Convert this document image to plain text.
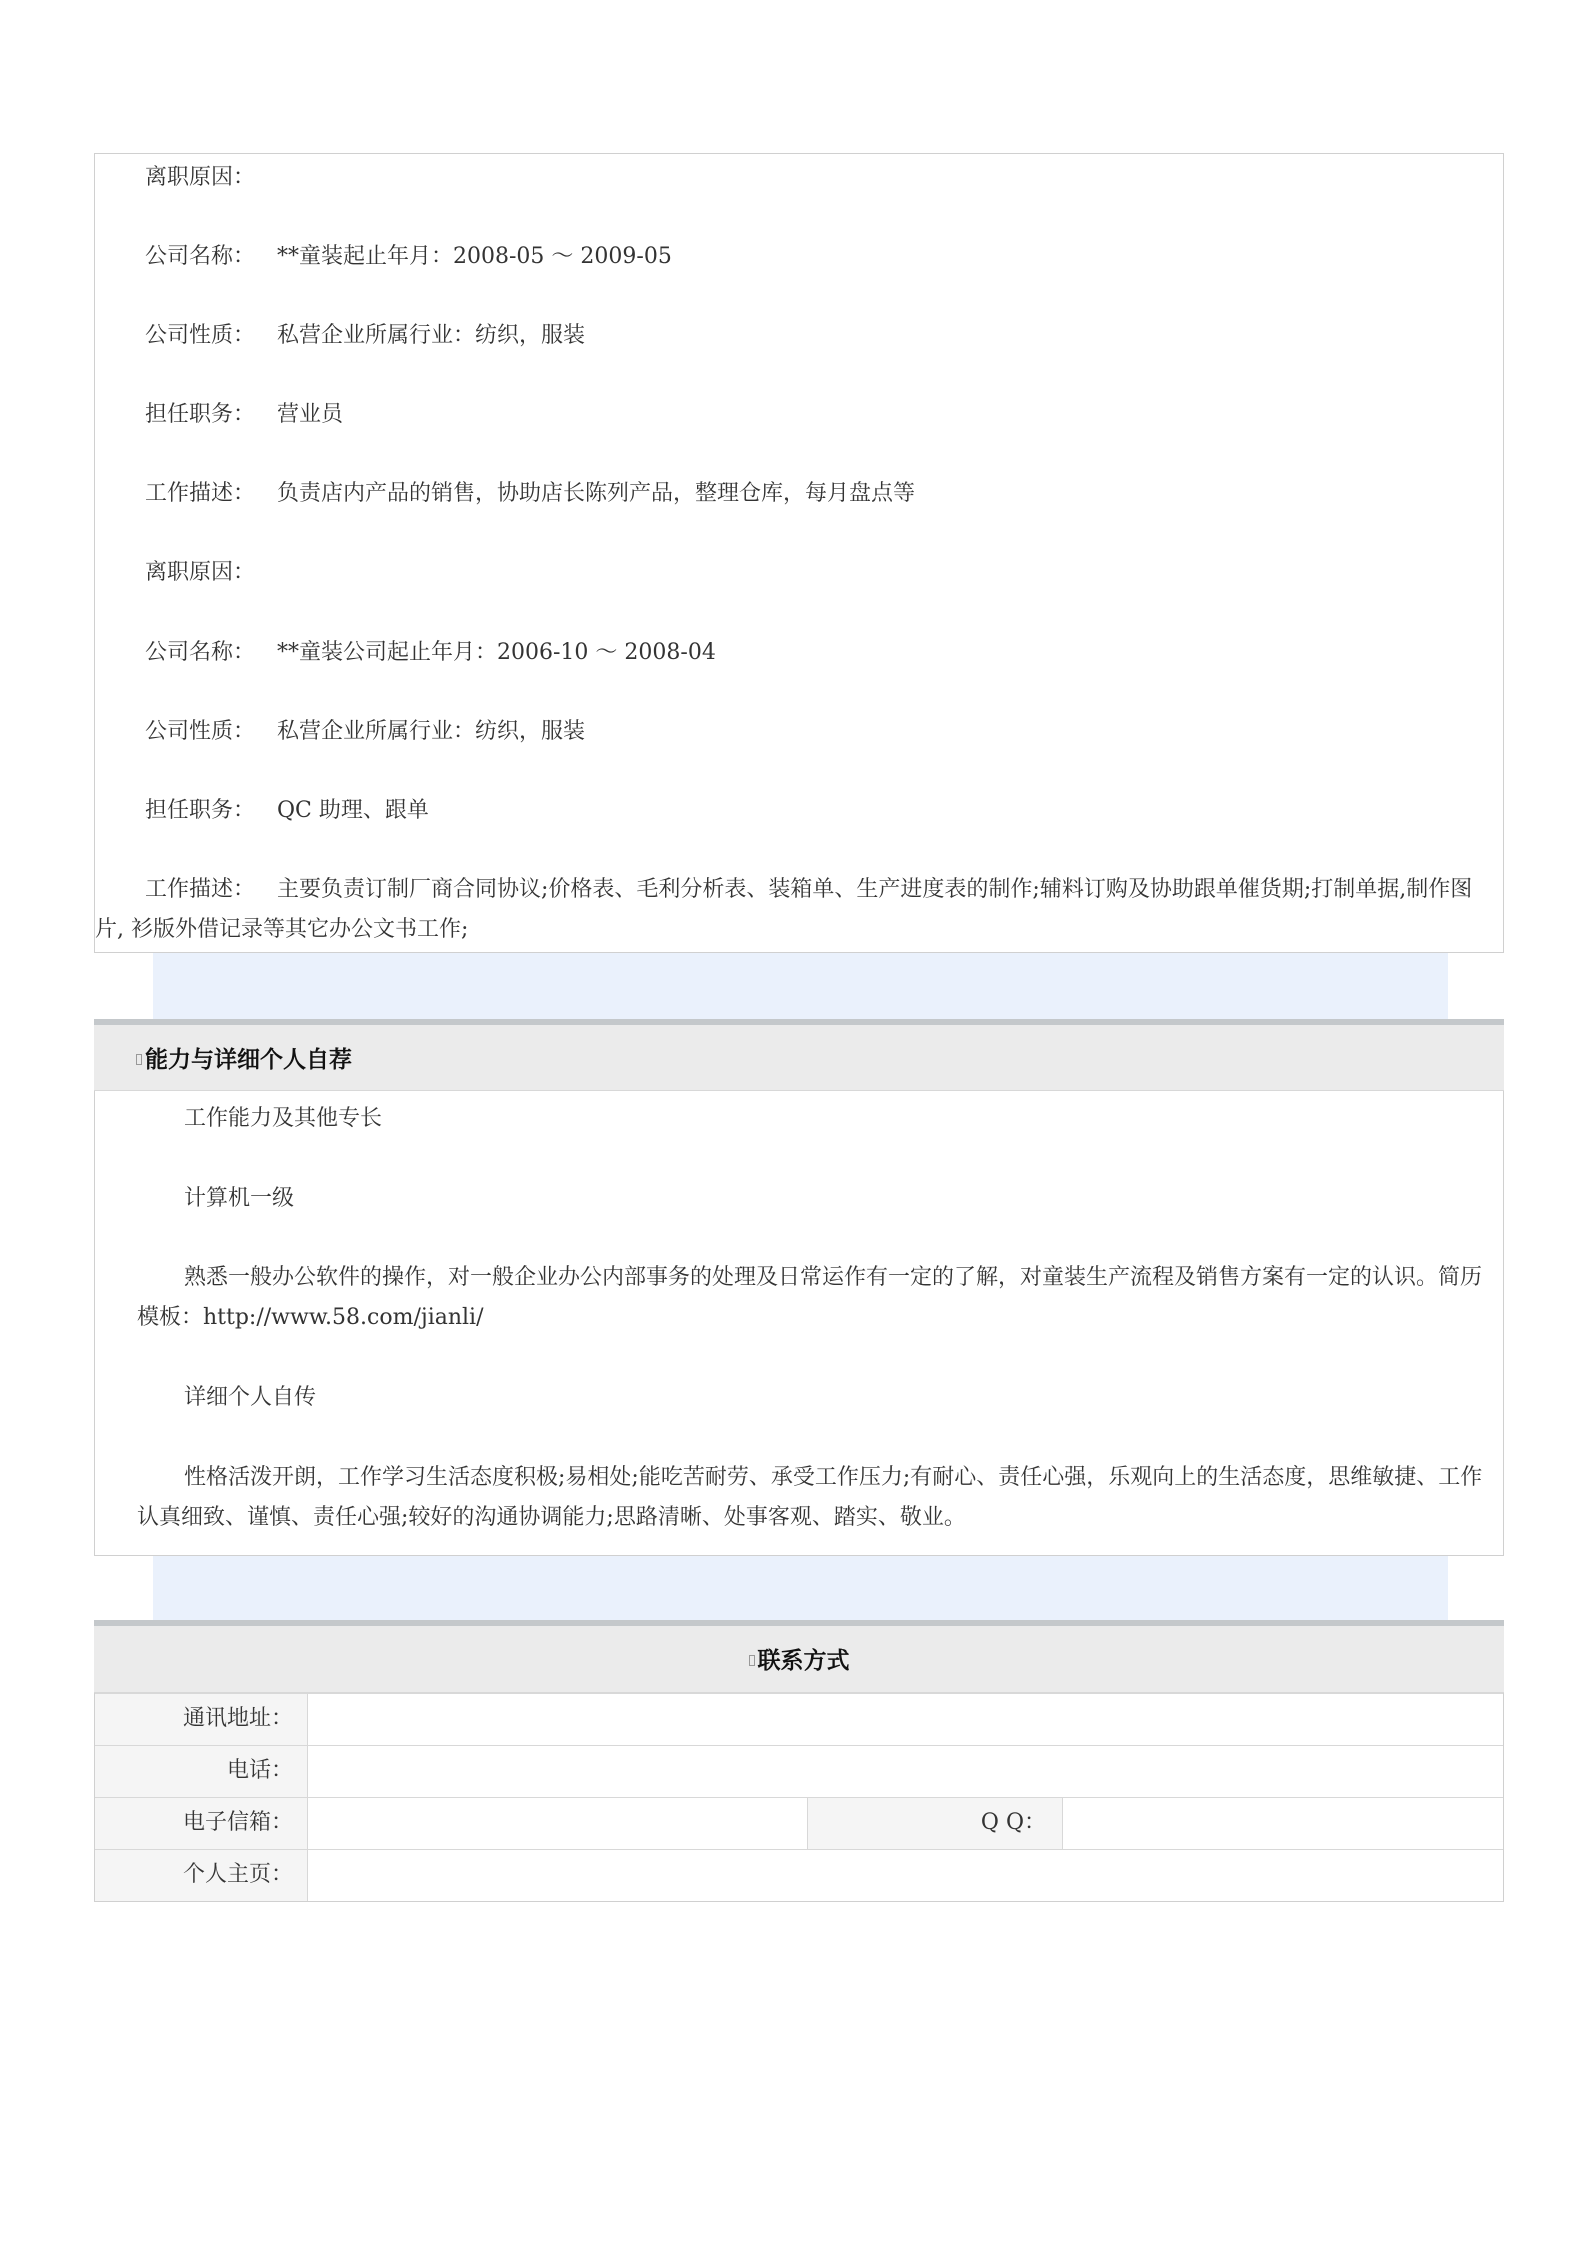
离职原因：
公司名称： **童装起止年月：2008-05 ～ 2009-05
公司性质： 私营企业所属行业：纺织，服装
担任职务： 营业员
工作描述： 负责店内产品的销售，协助店长陈列产品，整理仓库，每月盘点等
离职原因：
公司名称： **童装公司起止年月：2006-10 ～ 2008-04
公司性质： 私营企业所属行业：纺织，服装
担任职务： QC 助理、跟单
工作描述： 主要负责订制厂商合同协议;价格表、毛利分析表、装箱单、生产进度表的制作;辅料订购及协助跟单催货期;打制单据,制作图片, 衫版外借记录等其它办公文书工作;
能力与详细个人自荐
工作能力及其他专长
计算机一级
熟悉一般办公软件的操作，对一般企业办公内部事务的处理及日常运作有一定的了解，对童装生产流程及销售方案有一定的认识。简历模板：http://www.58.com/jianli/
详细个人自传
性格活泼开朗，工作学习生活态度积极;易相处;能吃苦耐劳、承受工作压力;有耐心、责任心强，乐观向上的生活态度，思维敏捷、工作认真细致、谨慎、责任心强;较好的沟通协调能力;思路清晰、处事客观、踏实、敬业。
联系方式
通讯地址：
电话：
电子信箱：	Q Q：
个人主页：
